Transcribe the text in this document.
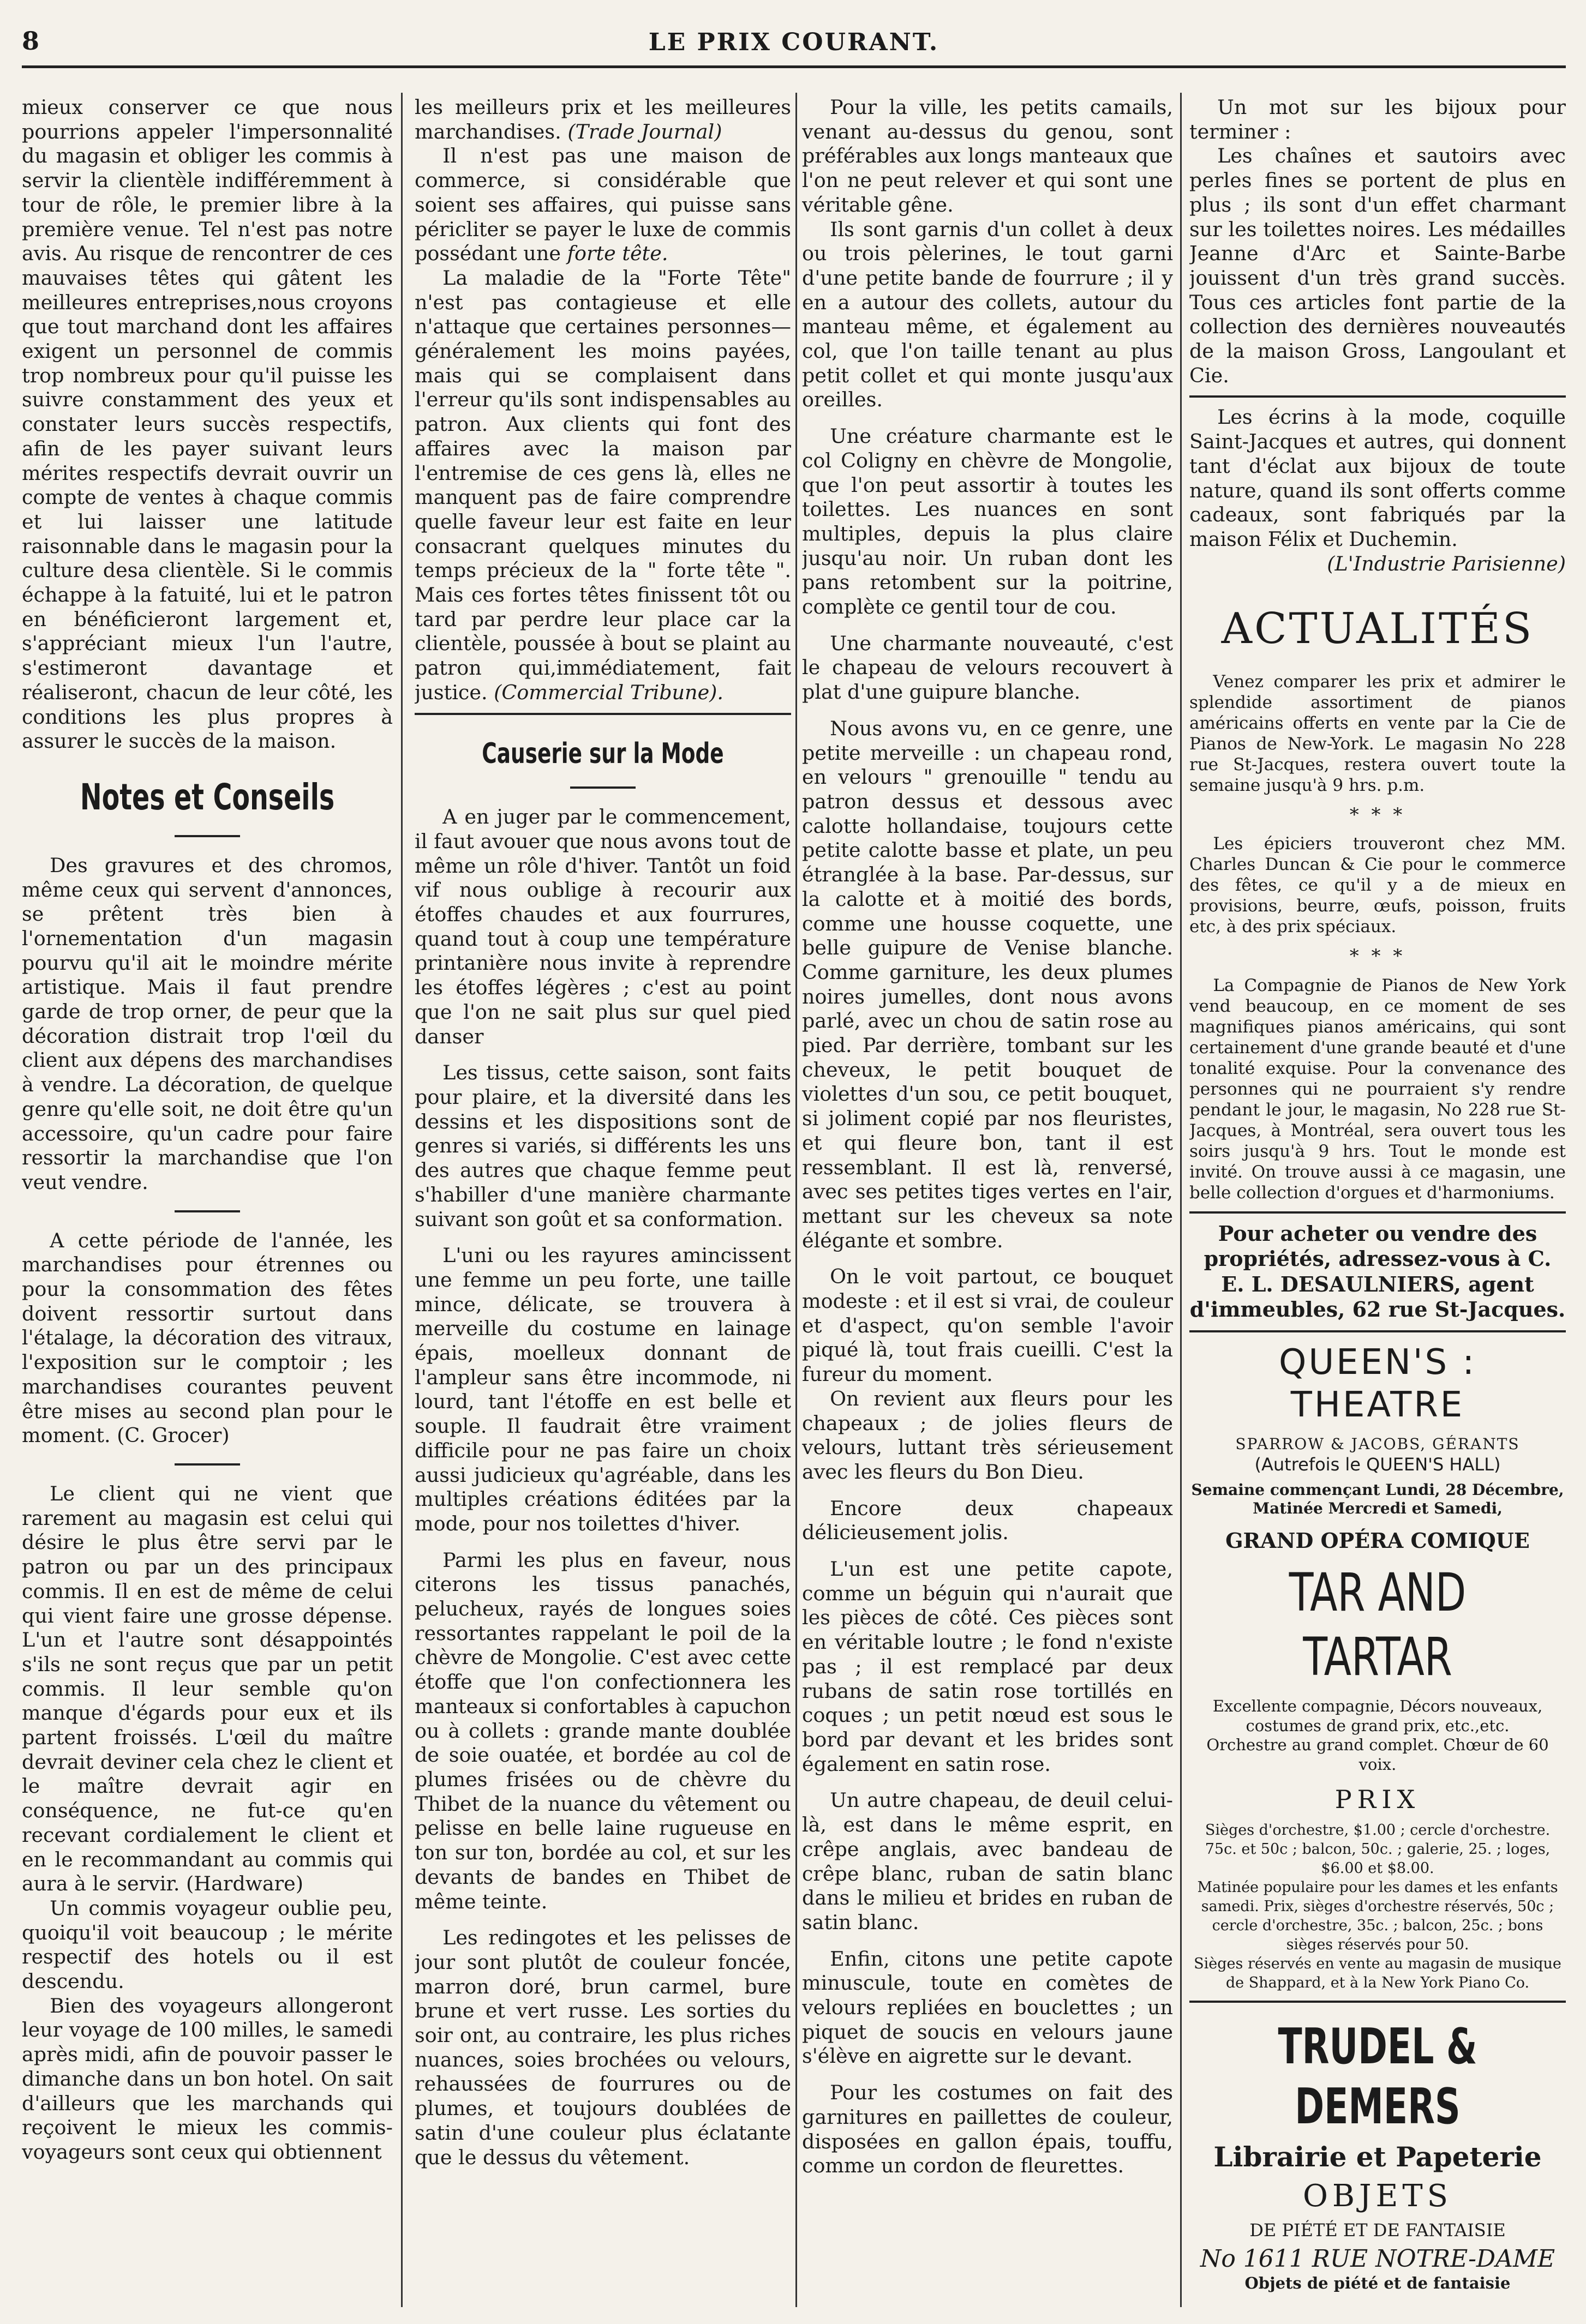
8	LE PRIX COURANT.

mieux conserver ce que nous pourrions appeler l'impersonnalité du magasin et obliger les commis à servir la clientèle indifféremment à tour de rôle, le premier libre à la première venue. Tel n'est pas notre avis. Au risque de rencontrer de ces mauvaises têtes qui gâtent les meilleures entreprises,nous croyons que tout marchand dont les affaires exigent un personnel de commis trop nombreux pour qu'il puisse les suivre constamment des yeux et constater leurs succès respectifs, afin de les payer suivant leurs mérites respectifs devrait ouvrir un compte de ventes à chaque commis et lui laisser une latitude raisonnable dans le magasin pour la culture desa clientèle. Si le commis échappe à la fatuité, lui et le patron en bénéficieront largement et, s'appréciant mieux l'un l'autre, s'estimeront davantage et réaliseront, chacun de leur côté, les conditions les plus propres à assurer le succès de la maison.

Notes et Conseils

Des gravures et des chromos, même ceux qui servent d'annonces, se prêtent très bien à l'ornementation d'un magasin pourvu qu'il ait le moindre mérite artistique. Mais il faut prendre garde de trop orner, de peur que la décoration distrait trop l'œil du client aux dépens des marchandises à vendre. La décoration, de quelque genre qu'elle soit, ne doit être qu'un accessoire, qu'un cadre pour faire ressortir la marchandise que l'on veut vendre.

A cette période de l'année, les marchandises pour étrennes ou pour la consommation des fêtes doivent ressortir surtout dans l'étalage, la décoration des vitraux, l'exposition sur le comptoir ; les marchandises courantes peuvent être mises au second plan pour le moment. (C. Grocer)

Le client qui ne vient que rarement au magasin est celui qui désire le plus être servi par le patron ou par un des principaux commis. Il en est de même de celui qui vient faire une grosse dépense. L'un et l'autre sont désappointés s'ils ne sont reçus que par un petit commis. Il leur semble qu'on manque d'égards pour eux et ils partent froissés. L'œil du maître devrait deviner cela chez le client et le maître devrait agir en conséquence, ne fut-ce qu'en recevant cordialement le client et en le recommandant au commis qui aura à le servir. (Hardware)

Un commis voyageur oublie peu, quoiqu'il voit beaucoup ; le mérite respectif des hotels ou il est descendu.

Bien des voyageurs allongeront leur voyage de 100 milles, le samedi après midi, afin de pouvoir passer le dimanche dans un bon hotel. On sait d'ailleurs que les marchands qui reçoivent le mieux les commis-voyageurs sont ceux qui obtiennent

les meilleurs prix et les meilleures marchandises. (Trade Journal)

Il n'est pas une maison de commerce, si considérable que soient ses affaires, qui puisse sans péricliter se payer le luxe de commis possédant une forte tête.

La maladie de la "Forte Tête" n'est pas contagieuse et elle n'attaque que certaines personnes—généralement les moins payées, mais qui se complaisent dans l'erreur qu'ils sont indispensables au patron. Aux clients qui font des affaires avec la maison par l'entremise de ces gens là, elles ne manquent pas de faire comprendre quelle faveur leur est faite en leur consacrant quelques minutes du temps précieux de la " forte tête ". Mais ces fortes têtes finissent tôt ou tard par perdre leur place car la clientèle, poussée à bout se plaint au patron qui,immédiatement, fait justice. (Commercial Tribune).

Causerie sur la Mode

A en juger par le commencement, il faut avouer que nous avons tout de même un rôle d'hiver. Tantôt un foid vif nous oublige à recourir aux étoffes chaudes et aux fourrures, quand tout à coup une température printanière nous invite à reprendre les étoffes légères ; c'est au point que l'on ne sait plus sur quel pied danser

Les tissus, cette saison, sont faits pour plaire, et la diversité dans les dessins et les dispositions sont de genres si variés, si différents les uns des autres que chaque femme peut s'habiller d'une manière charmante suivant son goût et sa conformation.

L'uni ou les rayures amincissent une femme un peu forte, une taille mince, délicate, se trouvera à merveille du costume en lainage épais, moelleux donnant de l'ampleur sans être incommode, ni lourd, tant l'étoffe en est belle et souple. Il faudrait être vraiment difficile pour ne pas faire un choix aussi judicieux qu'agréable, dans les multiples créations éditées par la mode, pour nos toilettes d'hiver.

Parmi les plus en faveur, nous citerons les tissus panachés, pelucheux, rayés de longues soies ressortantes rappelant le poil de la chèvre de Mongolie. C'est avec cette étoffe que l'on confectionnera les manteaux si confortables à capuchon ou à collets : grande mante doublée de soie ouatée, et bordée au col de plumes frisées ou de chèvre du Thibet de la nuance du vêtement ou pelisse en belle laine rugueuse en ton sur ton, bordée au col, et sur les devants de bandes en Thibet de même teinte.

Les redingotes et les pelisses de jour sont plutôt de couleur foncée, marron doré, brun carmel, bure brune et vert russe. Les sorties du soir ont, au contraire, les plus riches nuances, soies brochées ou velours, rehaussées de fourrures ou de plumes, et toujours doublées de satin d'une couleur plus éclatante que le dessus du vêtement.

Pour la ville, les petits camails, venant au-dessus du genou, sont préférables aux longs manteaux que l'on ne peut relever et qui sont une véritable gêne.

Ils sont garnis d'un collet à deux ou trois pèlerines, le tout garni d'une petite bande de fourrure ; il y en a autour des collets, autour du manteau même, et également au col, que l'on taille tenant au plus petit collet et qui monte jusqu'aux oreilles.

Une créature charmante est le col Coligny en chèvre de Mongolie, que l'on peut assortir à toutes les toilettes. Les nuances en sont multiples, depuis la plus claire jusqu'au noir. Un ruban dont les pans retombent sur la poitrine, complète ce gentil tour de cou.

Une charmante nouveauté, c'est le chapeau de velours recouvert à plat d'une guipure blanche.

Nous avons vu, en ce genre, une petite merveille : un chapeau rond, en velours " grenouille " tendu au patron dessus et dessous avec calotte hollandaise, toujours cette petite calotte basse et plate, un peu étranglée à la base. Par-dessus, sur la calotte et à moitié des bords, comme une housse coquette, une belle guipure de Venise blanche. Comme garniture, les deux plumes noires jumelles, dont nous avons parlé, avec un chou de satin rose au pied. Par derrière, tombant sur les cheveux, le petit bouquet de violettes d'un sou, ce petit bouquet, si joliment copié par nos fleuristes, et qui fleure bon, tant il est ressemblant. Il est là, renversé, avec ses petites tiges vertes en l'air, mettant sur les cheveux sa note élégante et sombre.

On le voit partout, ce bouquet modeste : et il est si vrai, de couleur et d'aspect, qu'on semble l'avoir piqué là, tout frais cueilli. C'est la fureur du moment.

On revient aux fleurs pour les chapeaux ; de jolies fleurs de velours, luttant très sérieusement avec les fleurs du Bon Dieu.

Encore deux chapeaux délicieusement jolis.

L'un est une petite capote, comme un béguin qui n'aurait que les pièces de côté. Ces pièces sont en véritable loutre ; le fond n'existe pas ; il est remplacé par deux rubans de satin rose tortillés en coques ; un petit nœud est sous le bord par devant et les brides sont également en satin rose.

Un autre chapeau, de deuil celui-là, est dans le même esprit, en crêpe anglais, avec bandeau de crêpe blanc, ruban de satin blanc dans le milieu et brides en ruban de satin blanc.

Enfin, citons une petite capote minuscule, toute en comètes de velours repliées en bouclettes ; un piquet de soucis en velours jaune s'élève en aigrette sur le devant.

Pour les costumes on fait des garnitures en paillettes de couleur, disposées en gallon épais, touffu, comme un cordon de fleurettes.

Un mot sur les bijoux pour terminer :

Les chaînes et sautoirs avec perles fines se portent de plus en plus ; ils sont d'un effet charmant sur les toilettes noires. Les médailles Jeanne d'Arc et Sainte-Barbe jouissent d'un très grand succès. Tous ces articles font partie de la collection des dernières nouveautés de la maison Gross, Langoulant et Cie.

Les écrins à la mode, coquille Saint-Jacques et autres, qui donnent tant d'éclat aux bijoux de toute nature, quand ils sont offerts comme cadeaux, sont fabriqués par la maison Félix et Duchemin.

(L'Industrie Parisienne)

ACTUALITÉS

Venez comparer les prix et admirer le splendide assortiment de pianos américains offerts en vente par la Cie de Pianos de New-York. Le magasin No 228 rue St-Jacques, restera ouvert toute la semaine jusqu'à 9 hrs. p.m.

* * *

Les épiciers trouveront chez MM. Charles Duncan & Cie pour le commerce des fêtes, ce qu'il y a de mieux en provisions, beurre, œufs, poisson, fruits etc, à des prix spéciaux.

* * *

La Compagnie de Pianos de New York vend beaucoup, en ce moment de ses magnifiques pianos américains, qui sont certainement d'une grande beauté et d'une tonalité exquise. Pour la convenance des personnes qui ne pourraient s'y rendre pendant le jour, le magasin, No 228 rue St-Jacques, à Montréal, sera ouvert tous les soirs jusqu'à 9 hrs. Tout le monde est invité. On trouve aussi à ce magasin, une belle collection d'orgues et d'harmoniums.

Pour acheter ou vendre des propriétés, adressez-vous à C. E. L. DESAULNIERS, agent d'immeubles, 62 rue St-Jacques.

QUEEN'S : THEATRE
SPARROW & JACOBS, GÉRANTS
(Autrefois le QUEEN'S HALL)
Semaine commençant Lundi, 28 Décembre, Matinée Mercredi et Samedi,
GRAND OPÉRA COMIQUE
TAR AND TARTAR
Excellente compagnie, Décors nouveaux, costumes de grand prix, etc.,etc.
Orchestre au grand complet. Chœur de 60 voix.
PRIX

Sièges d'orchestre, $1.00 ; cercle d'orchestre. 75c. et 50c ; balcon, 50c. ; galerie, 25. ; loges, $6.00 et $8.00.

Matinée populaire pour les dames et les enfants samedi. Prix, sièges d'orchestre réservés, 50c ; cercle d'orchestre, 35c. ; balcon, 25c. ; bons sièges réservés pour 50.

Sièges réservés en vente au magasin de musique de Shappard, et à la New York Piano Co.

TRUDEL & DEMERS
Librairie et Papeterie
OBJETS
DE PIÉTÉ ET DE FANTAISIE
No 1611 RUE NOTRE-DAME
Objets de piété et de fantaisie
